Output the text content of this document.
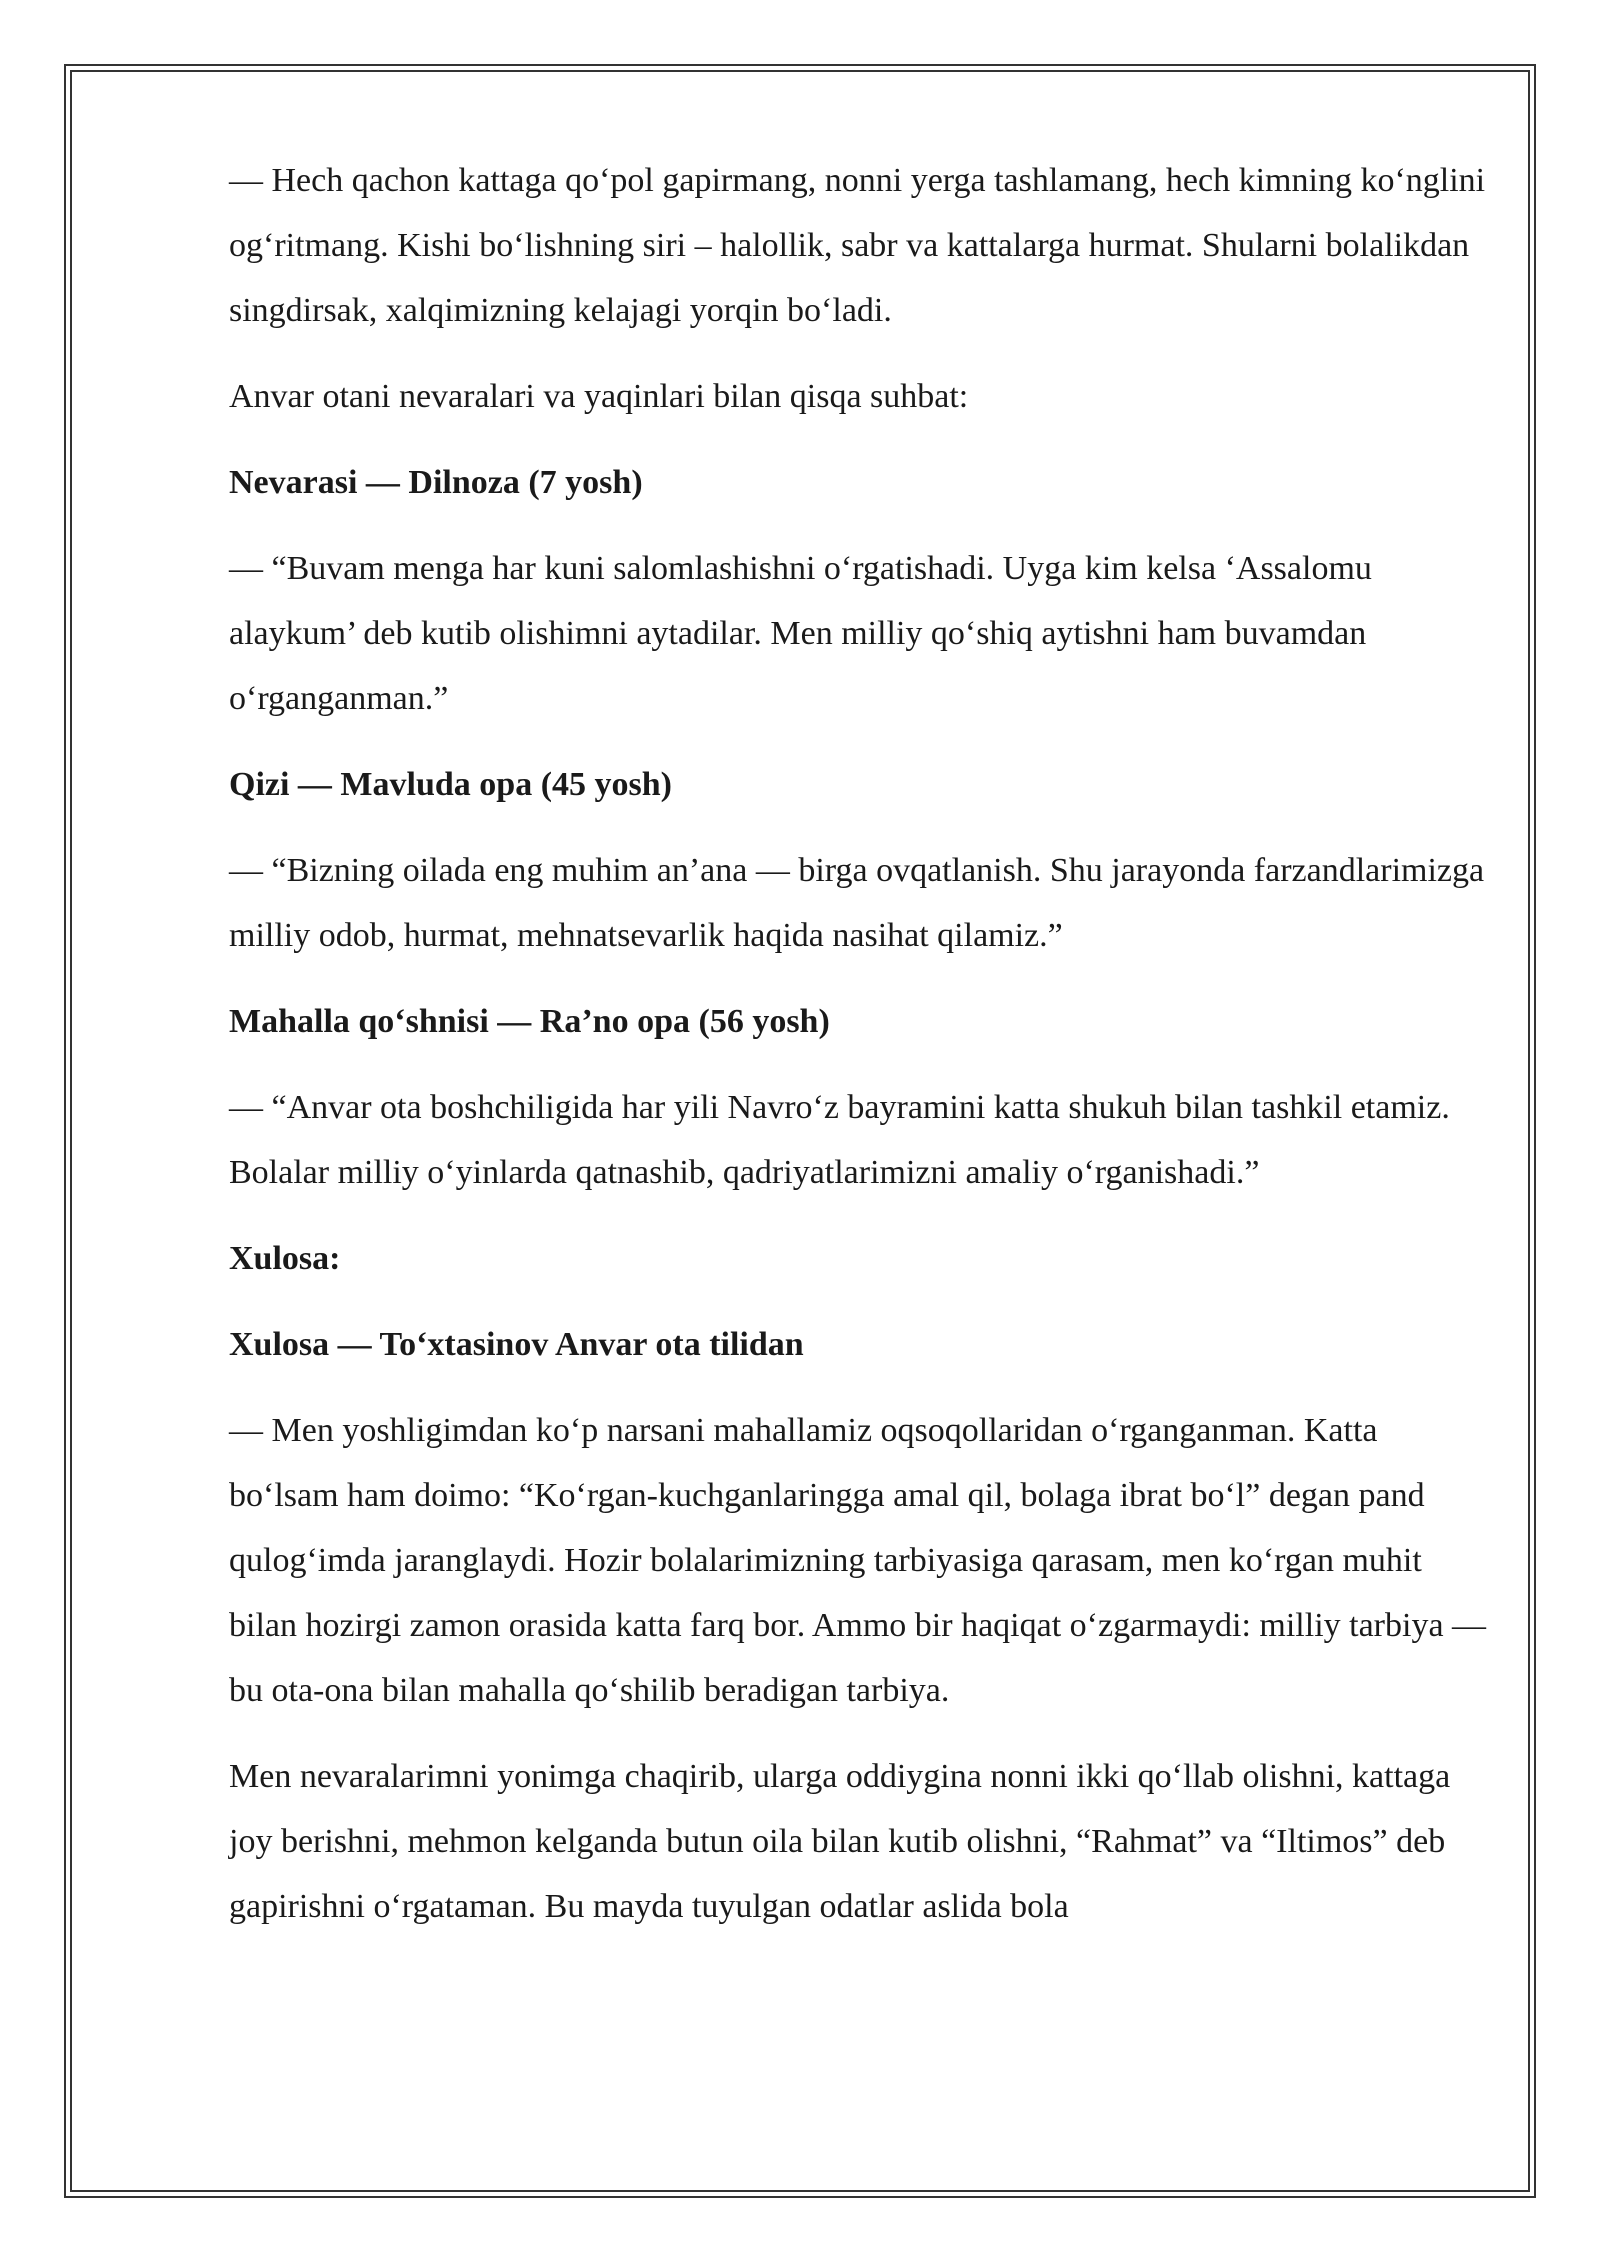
— Hech qachon kattaga qo‘pol gapirmang, nonni yerga tashlamang, hech kimning ko‘nglini og‘ritmang. Kishi bo‘lishning siri – halollik, sabr va kattalarga hurmat. Shularni bolalikdan singdirsak, xalqimizning kelajagi yorqin bo‘ladi.

Anvar otani nevaralari va yaqinlari bilan qisqa suhbat:

Nevarasi — Dilnoza (7 yosh)

— “Buvam menga har kuni salomlashishni o‘rgatishadi. Uyga kim kelsa ‘Assalomu alaykum’ deb kutib olishimni aytadilar. Men milliy qo‘shiq aytishni ham buvamdan o‘rganganman.”

Qizi — Mavluda opa (45 yosh)

— “Bizning oilada eng muhim an’ana — birga ovqatlanish. Shu jarayonda farzandlarimizga milliy odob, hurmat, mehnatsevarlik haqida nasihat qilamiz.”

Mahalla qo‘shnisi — Ra’no opa (56 yosh)

— “Anvar ota boshchiligida har yili Navro‘z bayramini katta shukuh bilan tashkil etamiz. Bolalar milliy o‘yinlarda qatnashib, qadriyatlarimizni amaliy o‘rganishadi.”

Xulosa:

Xulosa — To‘xtasinov Anvar ota tilidan

— Men yoshligimdan ko‘p narsani mahallamiz oqsoqollaridan o‘rganganman. Katta bo‘lsam ham doimo: “Ko‘rgan-kuchganlaringga amal qil, bolaga ibrat bo‘l” degan pand qulog‘imda jaranglaydi. Hozir bolalarimizning tarbiyasiga qarasam, men ko‘rgan muhit bilan hozirgi zamon orasida katta farq bor. Ammo bir haqiqat o‘zgarmaydi: milliy tarbiya — bu ota-ona bilan mahalla qo‘shilib beradigan tarbiya.

Men nevaralarimni yonimga chaqirib, ularga oddiygina nonni ikki qo‘llab olishni, kattaga joy berishni, mehmon kelganda butun oila bilan kutib olishni, “Rahmat” va “Iltimos” deb gapirishni o‘rgataman. Bu mayda tuyulgan odatlar aslida bola
